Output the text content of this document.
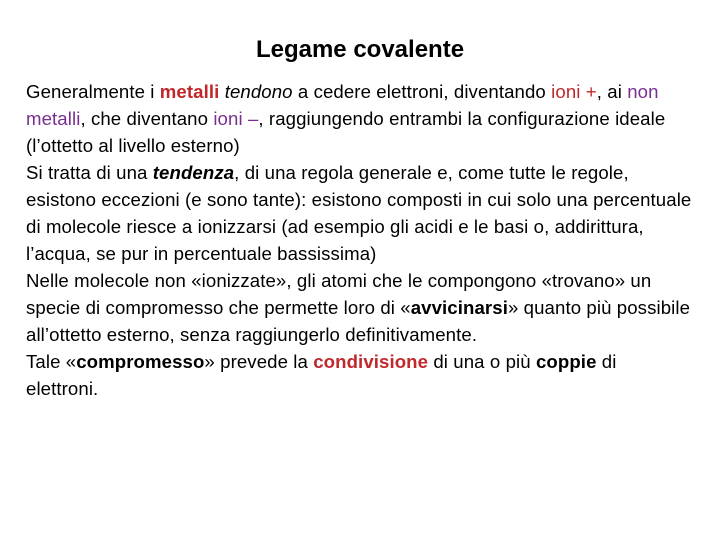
Legame covalente

Generalmente i metalli tendono a cedere elettroni, diventando ioni +, ai non metalli, che diventano ioni –, raggiungendo entrambi la configurazione ideale (l’ottetto al livello esterno)

Si tratta di una tendenza, di una regola generale e, come tutte le regole, esistono eccezioni (e sono tante): esistono composti in cui solo una percentuale di molecole riesce a ionizzarsi (ad esempio gli acidi e le basi o, addirittura, l’acqua, se pur in percentuale bassissima)

Nelle molecole non «ionizzate», gli atomi che le compongono «trovano» un specie di compromesso che permette loro di «avvicinarsi» quanto più possibile all’ottetto esterno, senza raggiungerlo definitivamente.

Tale «compromesso» prevede la condivisione di una o più coppie di elettroni.
